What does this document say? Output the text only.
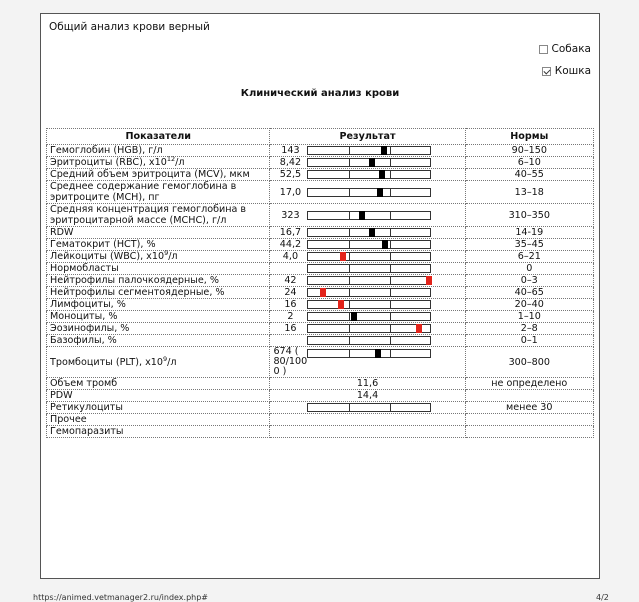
Общий анализ крови верный
Собака
Кошка
Клинический анализ крови
Показатели	Результат	Нормы
Гемоглобин (HGB), г/л	143	90–150
Эритроциты (RBC), $х10^{12}/л$	8,42	6–10
Средний объем эритроцита (MCV), мкм	52,5	40–55
Среднее содержание гемоглобина в эритроците (MCH), пг	17,0	13–18
Средняя концентрация гемоглобина в эритроцитарной массе (MCHC), г/л	323	310–350
RDW	16,7	14-19
Гематокрит (HCT), %	44,2	35–45
Лейкоциты (WBC), $х10^9/л$	4,0	6–21
Нормобласты		0
Нейтрофилы палочкоядерные, %	42	0–3
Нейтрофилы сегментоядерные, %	24	40–65
Лимфоциты, %	16	20–40
Моноциты, %	2	1–10
Эозинофилы, %	16	2–8
Базофилы, %		0–1
Тромбоциты (PLT), $х10^9/л$	674 ( 80/1000 )	300–800
Объем тромб	11,6	не определено
PDW	14,4	

Ретикулоциты		менее 30
Прочее	

Гемопаразиты	

https://animed.vetmanager2.ru/index.php#	4/2
